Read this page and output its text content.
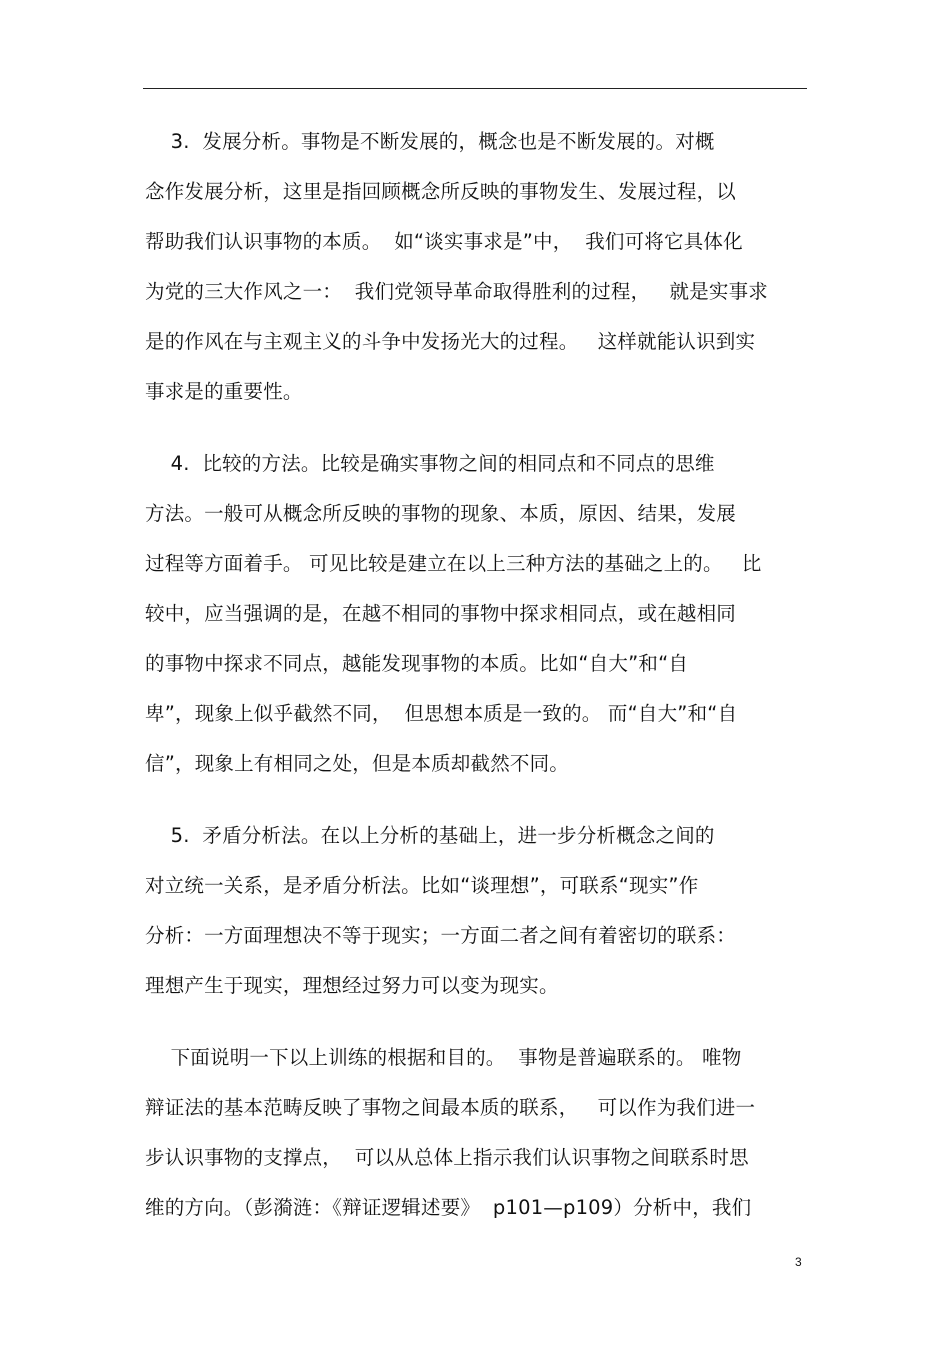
3.  发展分析。事物是不断发展的，概念也是不断发展的。对概
念作发展分析，这里是指回顾概念所反映的事物发生、发展过程，以
帮助我们认识事物的本质。  如“谈实事求是”中，  我们可将它具体化
为党的三大作风之一：  我们党领导革命取得胜利的过程，   就是实事求
是的作风在与主观主义的斗争中发扬光大的过程。   这样就能认识到实
事求是的重要性。
4.  比较的方法。比较是确实事物之间的相同点和不同点的思维
方法。一般可从概念所反映的事物的现象、本质，原因、结果，发展
过程等方面着手。 可见比较是建立在以上三种方法的基础之上的。   比
较中，应当强调的是，在越不相同的事物中探求相同点，或在越相同
的事物中探求不同点，越能发现事物的本质。比如“自大”和“自
卑”，现象上似乎截然不同，  但思想本质是一致的。 而“自大”和“自
信”，现象上有相同之处，但是本质却截然不同。
5.  矛盾分析法。在以上分析的基础上，进一步分析概念之间的
对立统一关系，是矛盾分析法。比如“谈理想”，可联系“现实”作
分析：一方面理想决不等于现实；一方面二者之间有着密切的联系：
理想产生于现实，理想经过努力可以变为现实。
下面说明一下以上训练的根据和目的。  事物是普遍联系的。 唯物
辩证法的基本范畴反映了事物之间最本质的联系，   可以作为我们进一
步认识事物的支撑点，  可以从总体上指示我们认识事物之间联系时思
维的方向。（彭漪涟：《辩证逻辑述要》  p101—p109）分析中，我们
3
